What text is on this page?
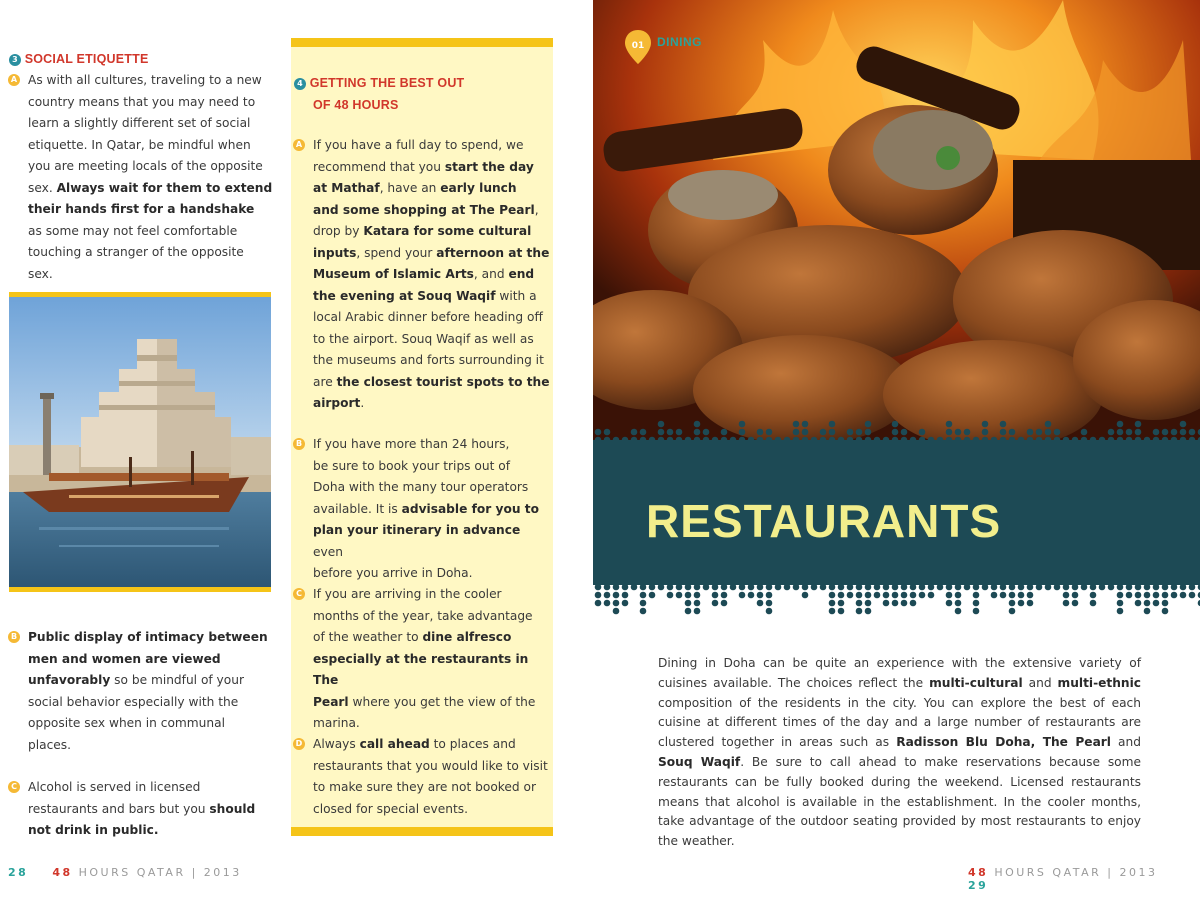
3 SOCIAL ETIQUETTE
A As with all cultures, traveling to a new
country means that you may need to
learn a slightly different set of social
etiquette. In Qatar, be mindful when
you are meeting locals of the opposite
sex. Always wait for them to extend
their hands first for a handshake
as some may not feel comfortable
touching a stranger of the opposite
sex.
B Public display of intimacy between
men and women are viewed
unfavorably so be mindful of your
social behavior especially with the
opposite sex when in communal
places.
C Alcohol is served in licensed
restaurants and bars but you should
not drink in public.
4 GETTING THE BEST OUT
OF 48 HOURS
A If you have a full day to spend, we
recommend that you start the day
at Mathaf, have an early lunch
and some shopping at The Pearl,
drop by Katara for some cultural
inputs, spend your afternoon at the
Museum of Islamic Arts, and end
the evening at Souq Waqif with a
local Arabic dinner before heading off
to the airport. Souq Waqif as well as
the museums and forts surrounding it
are the closest tourist spots to the
airport.
B If you have more than 24 hours,
be sure to book your trips out of
Doha with the many tour operators
available. It is advisable for you to
plan your itinerary in advance even
before you arrive in Doha.
C If you are arriving in the cooler
months of the year, take advantage
of the weather to dine alfresco
especially at the restaurants in The
Pearl where you get the view of the
marina.
D Always call ahead to places and
restaurants that you would like to visit
to make sure they are not booked or
closed for special events.
28 48 HOURS QATAR | 2013
01 DINING
RESTAURANTS
Dining in Doha can be quite an experience with the extensive variety of cuisines available. The choices reflect the multi-cultural and multi-ethnic composition of the residents in the city. You can explore the best of each cuisine at different times of the day and a large number of restaurants are clustered together in areas such as Radisson Blu Doha, The Pearl and Souq Waqif. Be sure to call ahead to make reservations because some restaurants can be fully booked during the weekend. Licensed restaurants means that alcohol is available in the establishment. In the cooler months, take advantage of the outdoor seating provided by most restaurants to enjoy the weather.
48 HOURS QATAR | 2013    29
